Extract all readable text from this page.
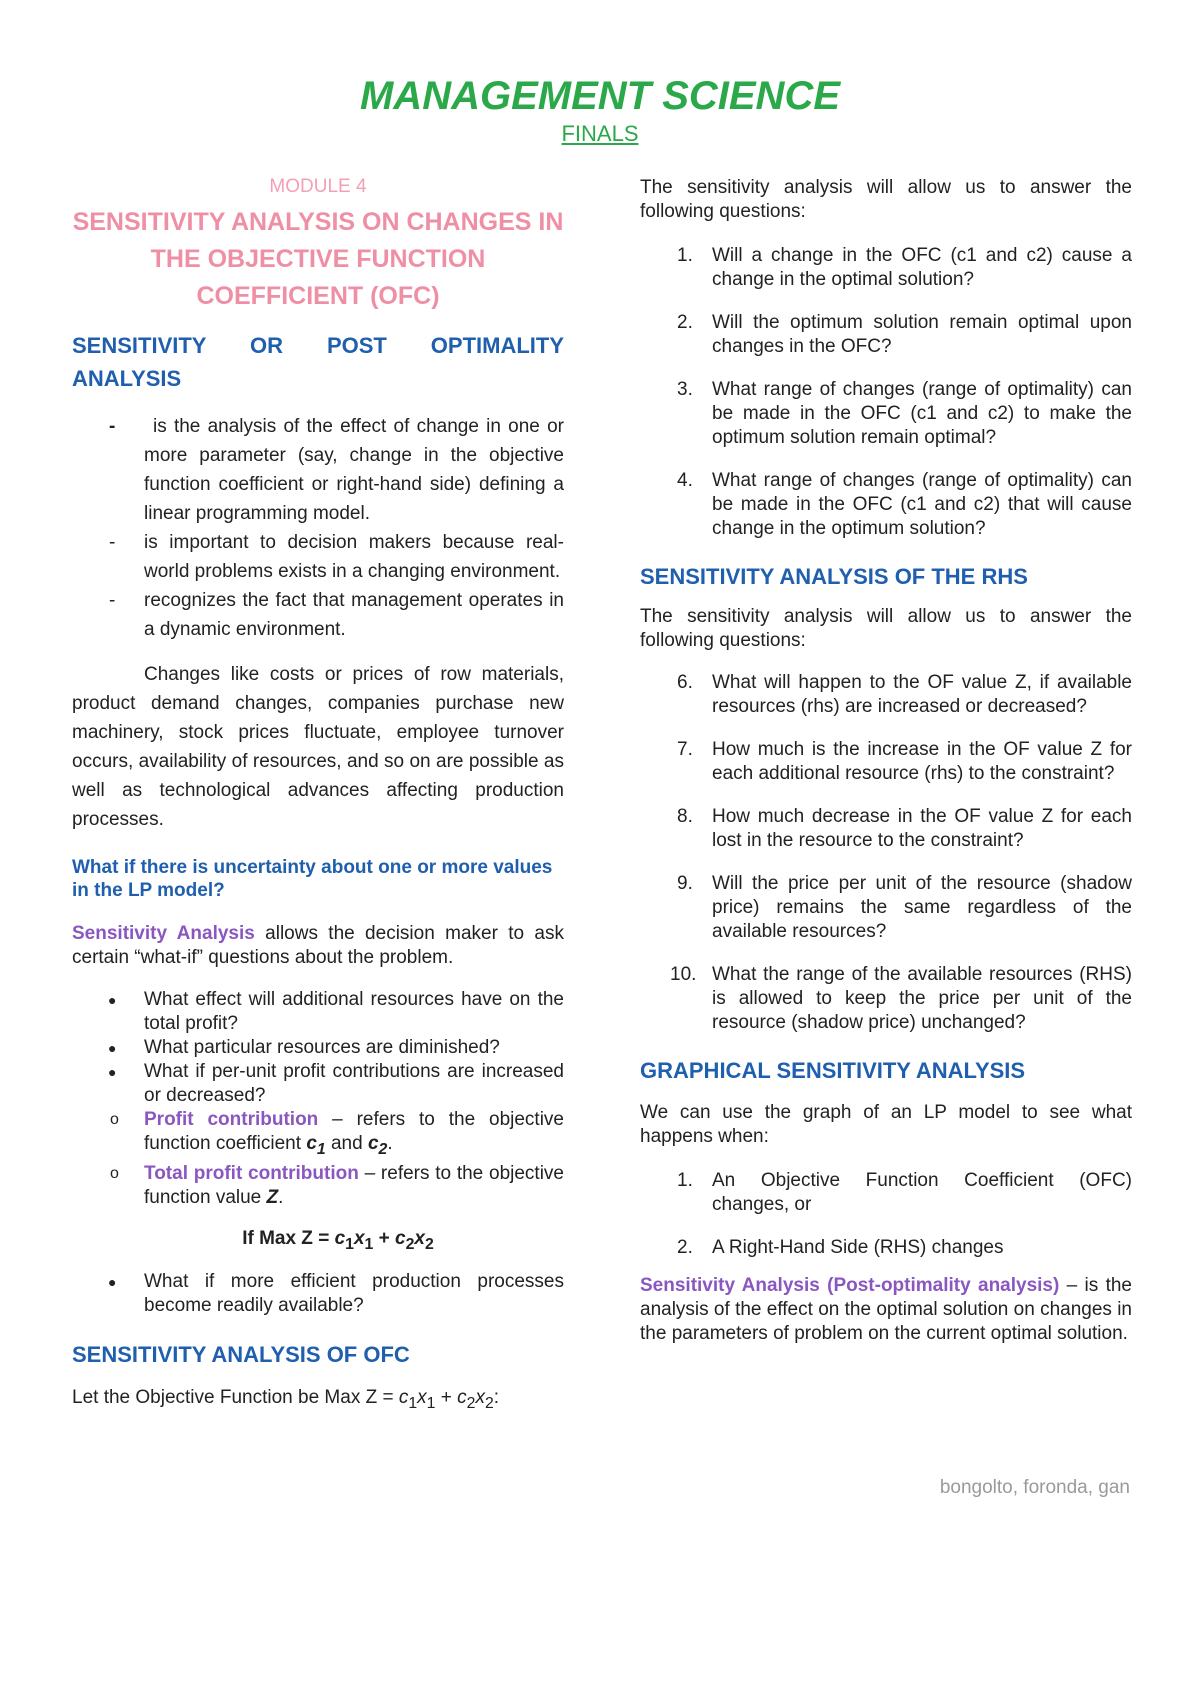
MANAGEMENT SCIENCE
FINALS
MODULE 4
SENSITIVITY ANALYSIS ON CHANGES IN THE OBJECTIVE FUNCTION COEFFICIENT (OFC)
SENSITIVITY OR POST OPTIMALITY
ANALYSIS
- is the analysis of the effect of change in one or more parameter (say, change in the objective function coefficient or right-hand side) defining a linear programming model.
- is important to decision makers because real-world problems exists in a changing environment.
- recognizes the fact that management operates in a dynamic environment.

Changes like costs or prices of row materials, product demand changes, companies purchase new machinery, stock prices fluctuate, employee turnover occurs, availability of resources, and so on are possible as well as technological advances affecting production processes.

What if there is uncertainty about one or more values in the LP model?

Sensitivity Analysis allows the decision maker to ask certain “what-if” questions about the problem.

● What effect will additional resources have on the total profit?
● What particular resources are diminished?
● What if per-unit profit contributions are increased or decreased?
o Profit contribution – refers to the objective function coefficient $c_1$ and $c_2$.
o Total profit contribution – refers to the objective function value Z.
If Max $Z = c_1x_1 + c_2x_2$
● What if more efficient production processes become readily available?
SENSITIVITY ANALYSIS OF OFC

Let the Objective Function be Max $Z = c_1x_1 + c_2x_2$:

The sensitivity analysis will allow us to answer the following questions:

1. Will a change in the OFC (c1 and c2) cause a change in the optimal solution?
2. Will the optimum solution remain optimal upon changes in the OFC?
3. What range of changes (range of optimality) can be made in the OFC (c1 and c2) to make the optimum solution remain optimal?
4. What range of changes (range of optimality) can be made in the OFC (c1 and c2) that will cause change in the optimum solution?
SENSITIVITY ANALYSIS OF THE RHS

The sensitivity analysis will allow us to answer the following questions:

6. What will happen to the OF value Z, if available resources (rhs) are increased or decreased?
7. How much is the increase in the OF value Z for each additional resource (rhs) to the constraint?
8. How much decrease in the OF value Z for each lost in the resource to the constraint?
9. Will the price per unit of the resource (shadow price) remains the same regardless of the available resources?
10. What the range of the available resources (RHS) is allowed to keep the price per unit of the resource (shadow price) unchanged?
GRAPHICAL SENSITIVITY ANALYSIS

We can use the graph of an LP model to see what happens when:

1. An Objective Function Coefficient (OFC) changes, or
2. A Right-Hand Side (RHS) changes

Sensitivity Analysis (Post-optimality analysis) – is the analysis of the effect on the optimal solution on changes in the parameters of problem on the current optimal solution.

bongolto, foronda, gan
